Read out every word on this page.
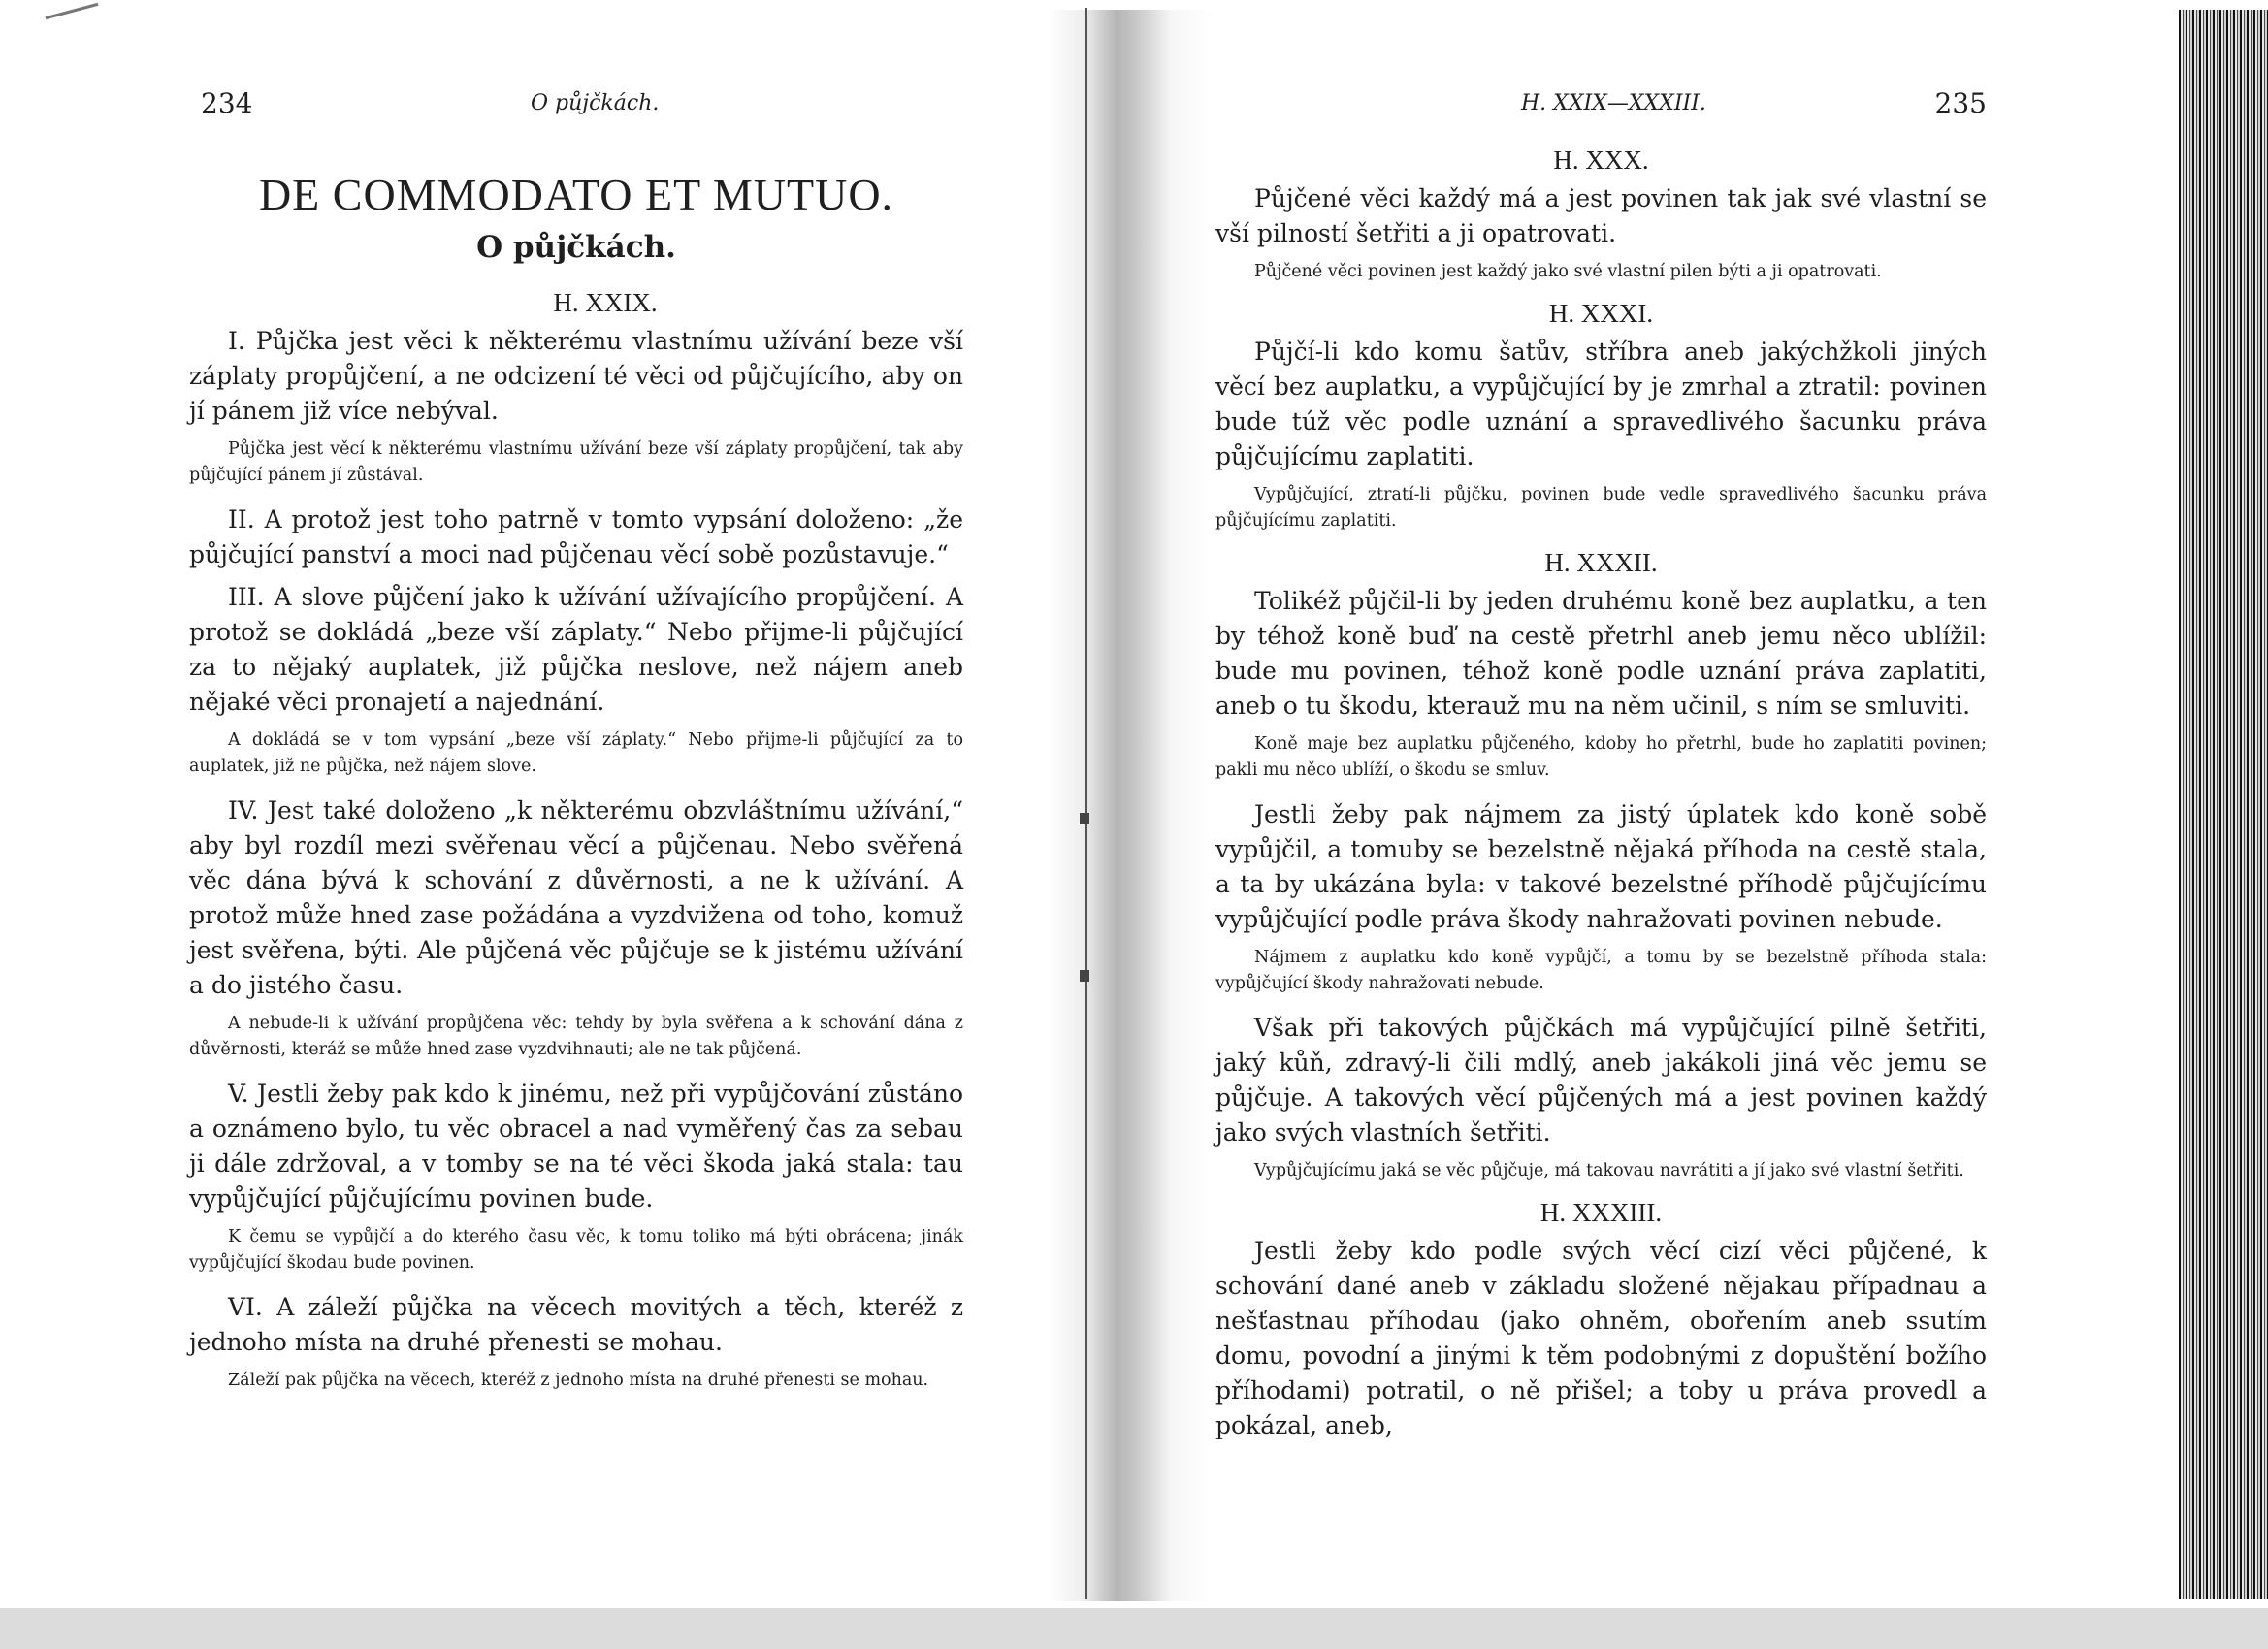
234	O půjčkách.
DE COMMODATO ET MUTUO.
O půjčkách.
H. XXIX.

I. Půjčka jest věci k některému vlastnímu užívání beze vší záplaty propůjčení, a ne odcizení té věci od půjčujícího, aby on jí pánem již více nebýval.

Půjčka jest věcí k některému vlastnímu užívání beze vší záplaty propůjčení, tak aby půjčující pánem jí zůstával.

II. A protož jest toho patrně v tomto vypsání doloženo: „že půjčující panství a moci nad půjčenau věcí sobě pozůstavuje.“

III. A slove půjčení jako k užívání užívajícího propůjčení. A protož se dokládá „beze vší záplaty.“ Nebo přijme-li půjčující za to nějaký auplatek, již půjčka neslove, než nájem aneb nějaké věci pronajetí a najednání.

A dokládá se v tom vypsání „beze vší záplaty.“ Nebo přijme-li půjčující za to auplatek, již ne půjčka, než nájem slove.

IV. Jest také doloženo „k některému obzvláštnímu užívání,“ aby byl rozdíl mezi svěřenau věcí a půjčenau. Nebo svěřená věc dána bývá k schování z důvěrnosti, a ne k užívání. A protož může hned zase požádána a vyzdvižena od toho, komuž jest svěřena, býti. Ale půjčená věc půjčuje se k jistému užívání a do jistého času.

A nebude-li k užívání propůjčena věc: tehdy by byla svěřena a k schování dána z důvěrnosti, kteráž se může hned zase vyzdvihnauti; ale ne tak půjčená.

V. Jestli žeby pak kdo k jinému, než při vypůjčování zůstáno a oznámeno bylo, tu věc obracel a nad vyměřený čas za sebau ji dále zdržoval, a v tomby se na té věci škoda jaká stala: tau vypůjčující půjčujícímu povinen bude.

K čemu se vypůjčí a do kterého času věc, k tomu toliko má býti obrácena; jinák vypůjčující škodau bude povinen.

VI. A záleží půjčka na věcech movitých a těch, kteréž z jednoho místa na druhé přenesti se mohau.

Záleží pak půjčka na věcech, kteréž z jednoho místa na druhé přenesti se mohau.

H. XXIX—XXXIII.	235
H. XXX.

Půjčené věci každý má a jest povinen tak jak své vlastní se vší pilností šetřiti a ji opatrovati.

Půjčené věci povinen jest každý jako své vlastní pilen býti a ji opatrovati.

H. XXXI.

Půjčí-li kdo komu šatův, stříbra aneb jakýchžkoli jiných věcí bez auplatku, a vypůjčující by je zmrhal a ztratil: povinen bude túž věc podle uznání a spravedlivého šacunku práva půjčujícímu zaplatiti.

Vypůjčující, ztratí-li půjčku, povinen bude vedle spravedlivého šacunku práva půjčujícímu zaplatiti.

H. XXXII.

Tolikéž půjčil-li by jeden druhému koně bez auplatku, a ten by téhož koně buď na cestě přetrhl aneb jemu něco ublížil: bude mu povinen, téhož koně podle uznání práva zaplatiti, aneb o tu škodu, kterauž mu na něm učinil, s ním se smluviti.

Koně maje bez auplatku půjčeného, kdoby ho přetrhl, bude ho zaplatiti povinen; pakli mu něco ublíží, o škodu se smluv.

Jestli žeby pak nájmem za jistý úplatek kdo koně sobě vypůjčil, a tomuby se bezelstně nějaká příhoda na cestě stala, a ta by ukázána byla: v takové bezelstné příhodě půjčujícímu vypůjčující podle práva škody nahražovati povinen nebude.

Nájmem z auplatku kdo koně vypůjčí, a tomu by se bezelstně příhoda stala: vypůjčující škody nahražovati nebude.

Však při takových půjčkách má vypůjčující pilně šetřiti, jaký kůň, zdravý-li čili mdlý, aneb jakákoli jiná věc jemu se půjčuje. A takových věcí půjčených má a jest povinen každý jako svých vlastních šetřiti.

Vypůjčujícímu jaká se věc půjčuje, má takovau navrátiti a jí jako své vlastní šetřiti.

H. XXXIII.

Jestli žeby kdo podle svých věcí cizí věci půjčené, k schování dané aneb v základu složené nějakau případnau a nešťastnau příhodau (jako ohněm, obořením aneb ssutím domu, povodní a jinými k těm podobnými z dopuštění božího příhodami) potratil, o ně přišel; a toby u práva provedl a pokázal, aneb,
